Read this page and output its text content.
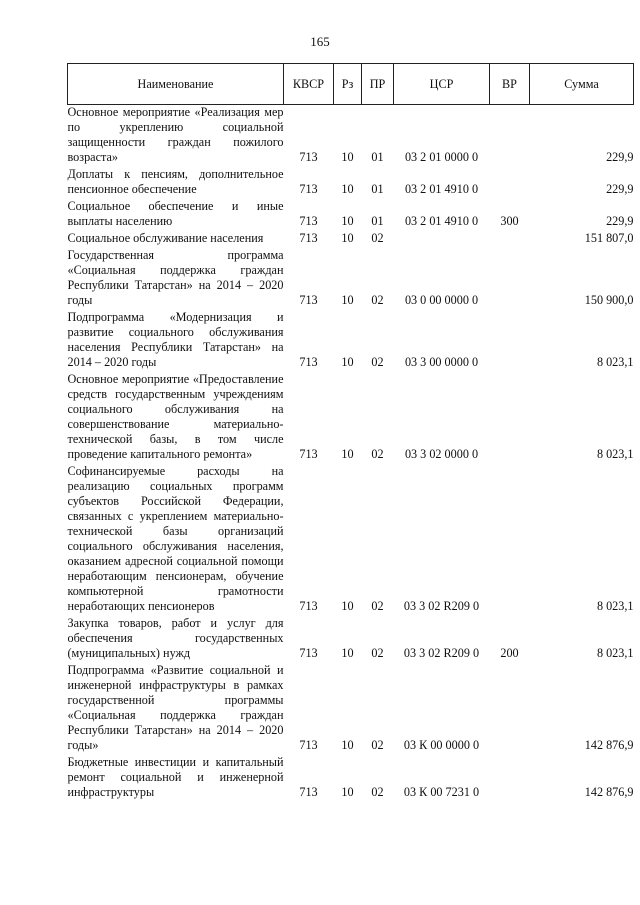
165
Наименование	КВСР	Рз	ПР	ЦСР	ВР	Сумма
Основное мероприятие «Реализация мер по укреплению социальной защищенности граждан пожилого возраста»	713	10	01	03 2 01 0000 0		229,9
Доплаты к пенсиям, дополнительное пенсионное обеспечение	713	10	01	03 2 01 4910 0		229,9
Социальное обеспечение и иные выплаты населению	713	10	01	03 2 01 4910 0	300	229,9
Социальное обслуживание населения	713	10	02			151 807,0
Государственная программа «Социальная поддержка граждан Республики Татарстан» на 2014 – 2020 годы	713	10	02	03 0 00 0000 0		150 900,0
Подпрограмма «Модернизация и развитие социального обслуживания населения Республики Татарстан» на 2014 – 2020 годы	713	10	02	03 3 00 0000 0		8 023,1
Основное мероприятие «Предоставление средств государственным учреждениям социального обслуживания на совершенствование материально-технической базы, в том числе проведение капитального ремонта»	713	10	02	03 3 02 0000 0		8 023,1
Софинансируемые расходы на реализацию социальных программ субъектов Российской Федерации, связанных с укреплением материально-технической базы организаций социального обслуживания населения, оказанием адресной социальной помощи неработающим пенсионерам, обучение компьютерной грамотности неработающих пенсионеров	713	10	02	03 3 02 R209 0		8 023,1
Закупка товаров, работ и услуг для обеспечения государственных (муниципальных) нужд	713	10	02	03 3 02 R209 0	200	8 023,1
Подпрограмма «Развитие социальной и инженерной инфраструктуры в рамках государственной программы «Социальная поддержка граждан Республики Татарстан» на 2014 – 2020 годы»	713	10	02	03 К 00 0000 0		142 876,9
Бюджетные инвестиции и капитальный ремонт социальной и инженерной инфраструктуры	713	10	02	03 К 00 7231 0		142 876,9
